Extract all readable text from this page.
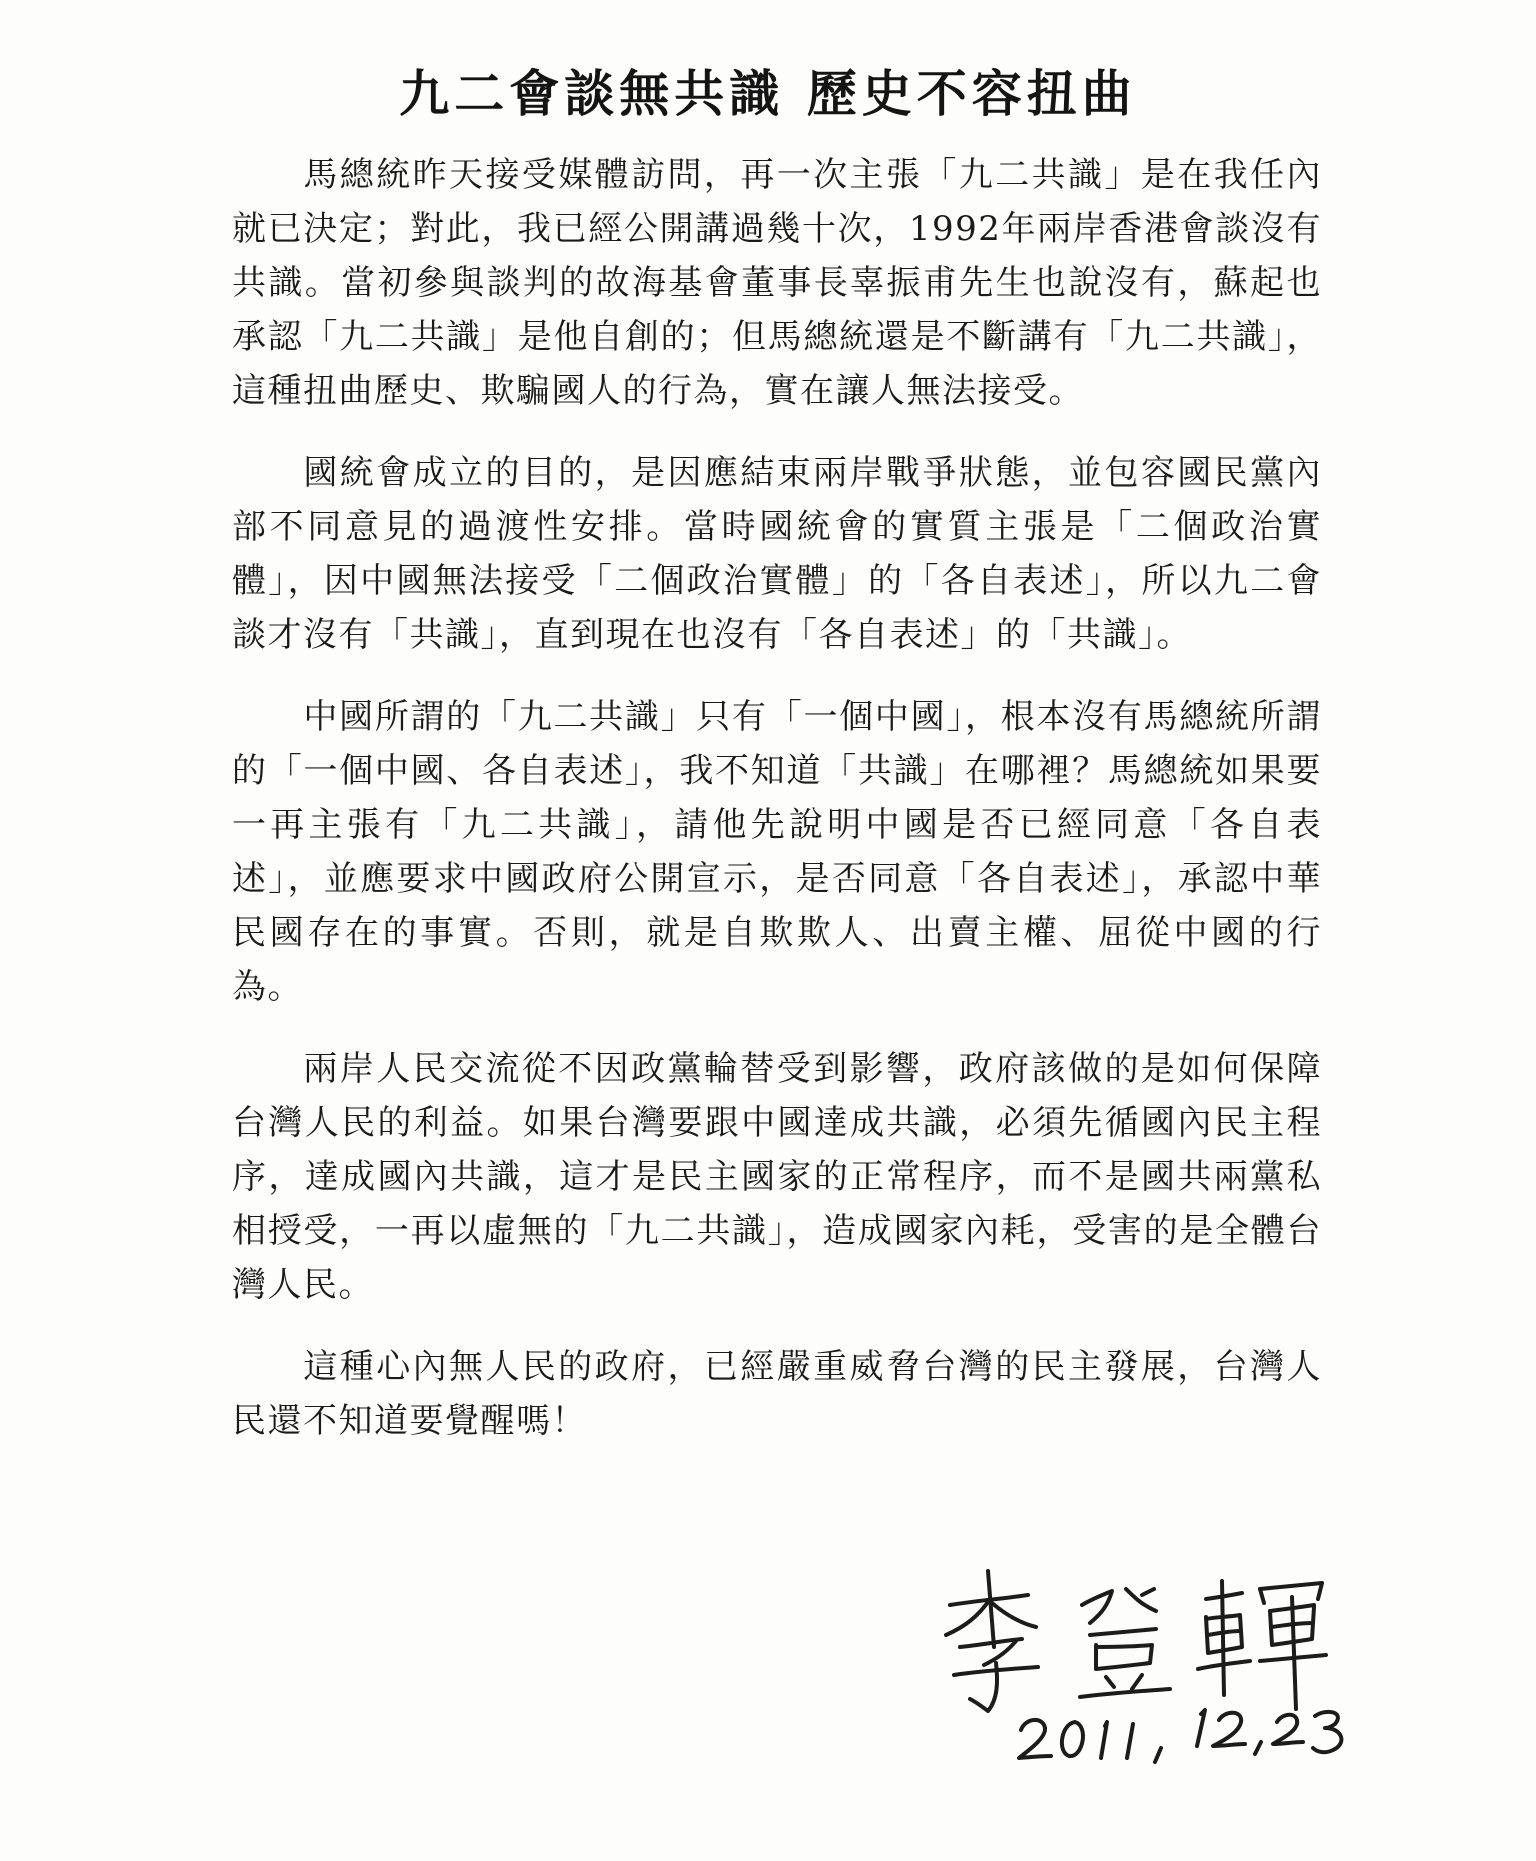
九二會談無共識 歷史不容扭曲

馬總統昨天接受媒體訪問，再一次主張「九二共識」是在我任內就已決定；對此，我已經公開講過幾十次，1992年兩岸香港會談沒有共識。當初參與談判的故海基會董事長辜振甫先生也說沒有，蘇起也承認「九二共識」是他自創的；但馬總統還是不斷講有「九二共識」，這種扭曲歷史、欺騙國人的行為，實在讓人無法接受。

國統會成立的目的，是因應結束兩岸戰爭狀態，並包容國民黨內部不同意見的過渡性安排。當時國統會的實質主張是「二個政治實體」，因中國無法接受「二個政治實體」的「各自表述」，所以九二會談才沒有「共識」，直到現在也沒有「各自表述」的「共識」。

中國所謂的「九二共識」只有「一個中國」，根本沒有馬總統所謂的「一個中國、各自表述」，我不知道「共識」在哪裡？馬總統如果要一再主張有「九二共識」，請他先說明中國是否已經同意「各自表述」，並應要求中國政府公開宣示，是否同意「各自表述」，承認中華民國存在的事實。否則，就是自欺欺人、出賣主權、屈從中國的行為。

兩岸人民交流從不因政黨輪替受到影響，政府該做的是如何保障台灣人民的利益。如果台灣要跟中國達成共識，必須先循國內民主程序，達成國內共識，這才是民主國家的正常程序，而不是國共兩黨私相授受，一再以虛無的「九二共識」，造成國家內耗，受害的是全體台灣人民。

這種心內無人民的政府，已經嚴重威脅台灣的民主發展，台灣人民還不知道要覺醒嗎！
